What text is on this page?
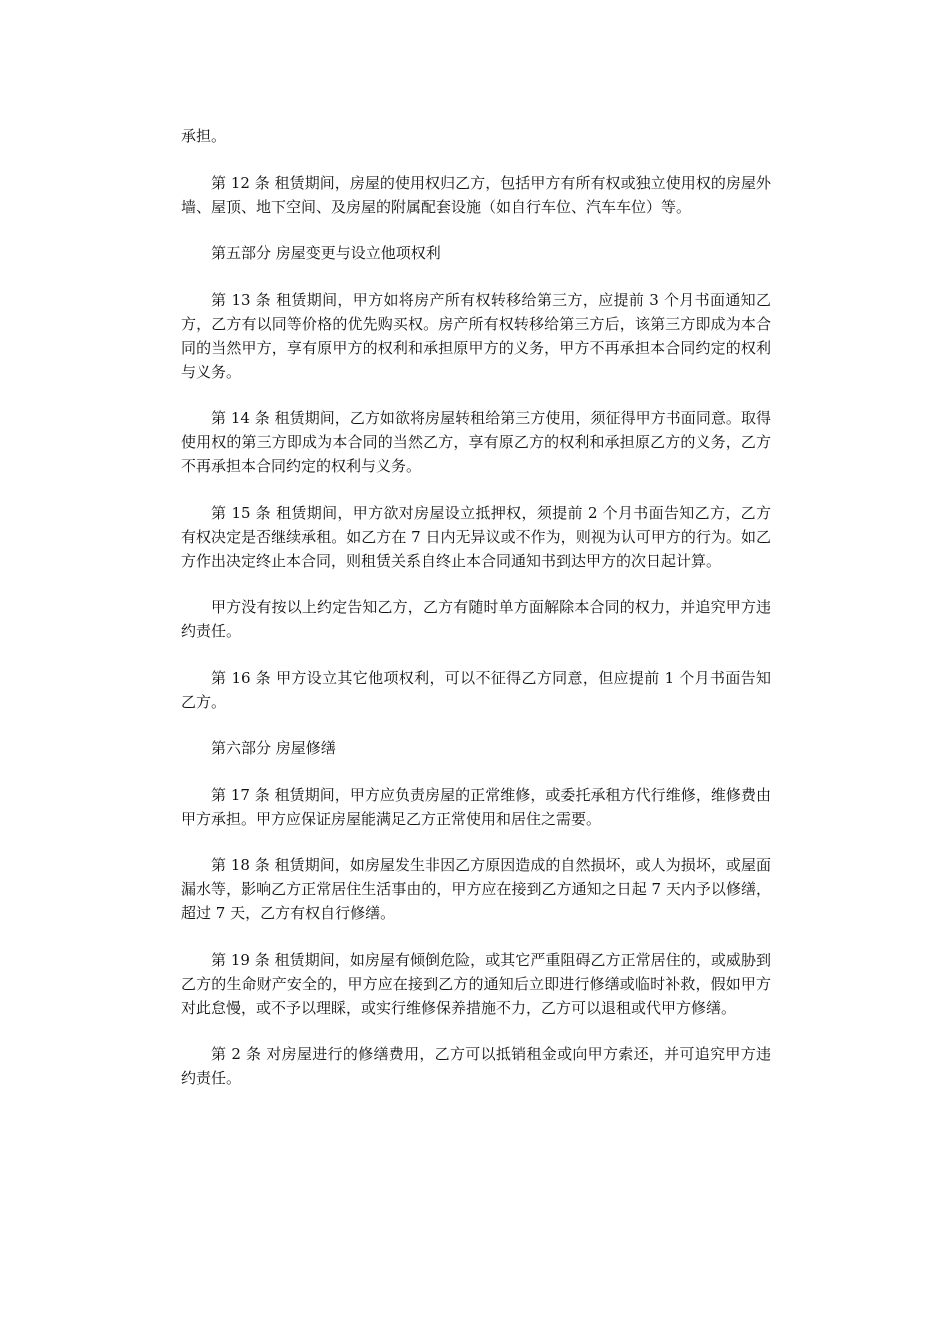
承担。

第 12 条 租赁期间，房屋的使用权归乙方，包括甲方有所有权或独立使用权的房屋外墙、屋顶、地下空间、及房屋的附属配套设施（如自行车位、汽车车位）等。

第五部分 房屋变更与设立他项权利

第 13 条 租赁期间，甲方如将房产所有权转移给第三方，应提前 3 个月书面通知乙方，乙方有以同等价格的优先购买权。房产所有权转移给第三方后，该第三方即成为本合同的当然甲方，享有原甲方的权利和承担原甲方的义务，甲方不再承担本合同约定的权利与义务。

第 14 条 租赁期间，乙方如欲将房屋转租给第三方使用，须征得甲方书面同意。取得使用权的第三方即成为本合同的当然乙方，享有原乙方的权利和承担原乙方的义务，乙方不再承担本合同约定的权利与义务。

第 15 条 租赁期间，甲方欲对房屋设立抵押权，须提前 2 个月书面告知乙方，乙方有权决定是否继续承租。如乙方在 7 日内无异议或不作为，则视为认可甲方的行为。如乙方作出决定终止本合同，则租赁关系自终止本合同通知书到达甲方的次日起计算。

甲方没有按以上约定告知乙方，乙方有随时单方面解除本合同的权力，并追究甲方违约责任。

第 16 条 甲方设立其它他项权利，可以不征得乙方同意，但应提前 1 个月书面告知乙方。

第六部分 房屋修缮

第 17 条 租赁期间，甲方应负责房屋的正常维修，或委托承租方代行维修，维修费由甲方承担。甲方应保证房屋能满足乙方正常使用和居住之需要。

第 18 条 租赁期间，如房屋发生非因乙方原因造成的自然损坏，或人为损坏，或屋面漏水等，影响乙方正常居住生活事由的，甲方应在接到乙方通知之日起 7 天内予以修缮，超过 7 天，乙方有权自行修缮。

第 19 条 租赁期间，如房屋有倾倒危险，或其它严重阻碍乙方正常居住的，或威胁到乙方的生命财产安全的，甲方应在接到乙方的通知后立即进行修缮或临时补救，假如甲方对此怠慢，或不予以理睬，或实行维修保养措施不力，乙方可以退租或代甲方修缮。

第 2 条 对房屋进行的修缮费用，乙方可以抵销租金或向甲方索还，并可追究甲方违约责任。
